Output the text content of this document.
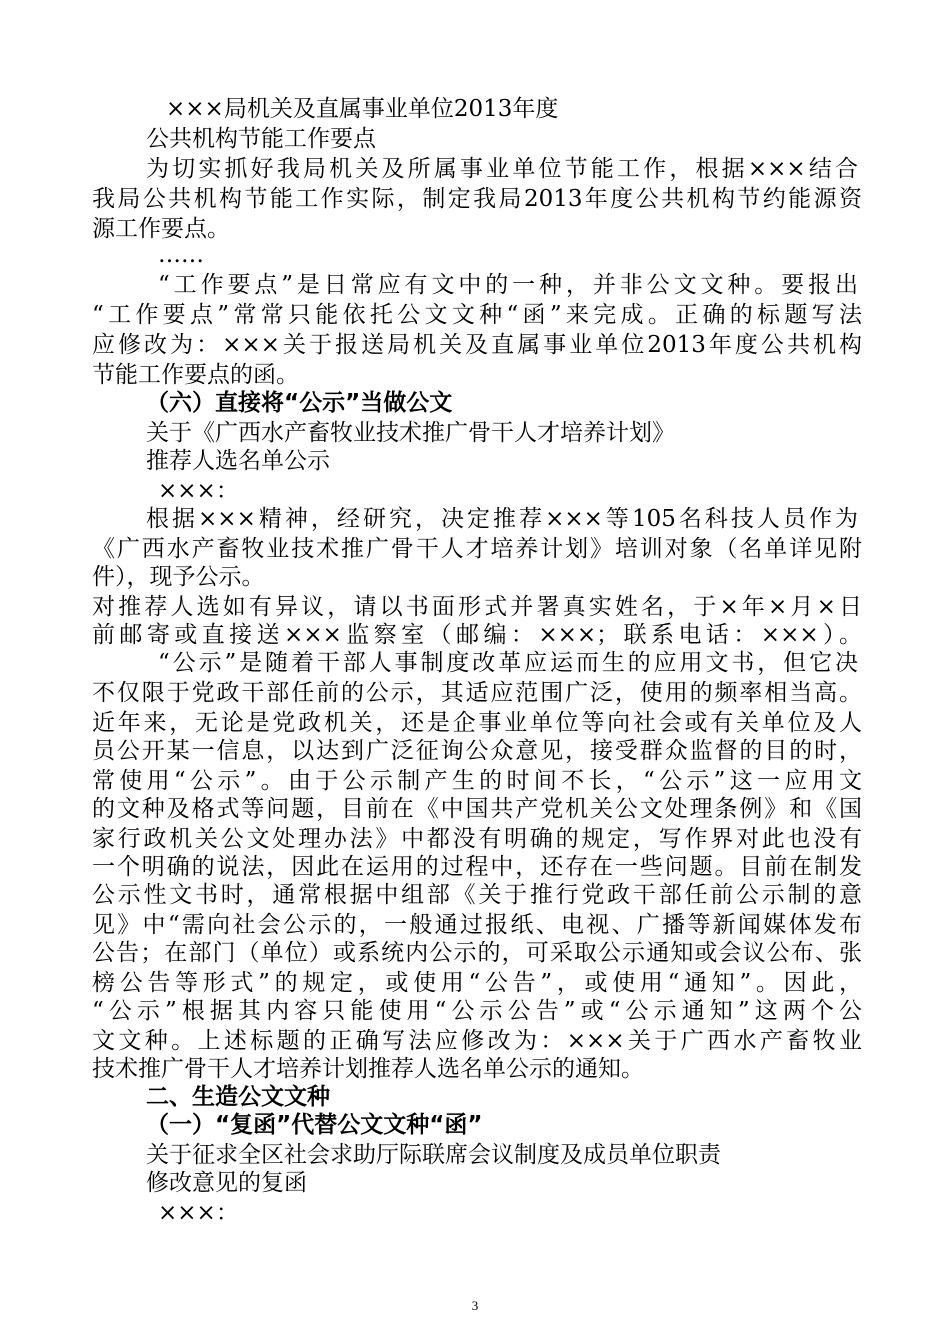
×××局机关及直属事业单位2013年度
公共机构节能工作要点
为切实抓好我局机关及所属事业单位节能工作，根据×××结合
我局公共机构节能工作实际，制定我局2013年度公共机构节约能源资
源工作要点。
……
“工作要点”是日常应有文中的一种，并非公文文种。要报出
“工作要点”常常只能依托公文文种“函”来完成。正确的标题写法
应修改为：×××关于报送局机关及直属事业单位2013年度公共机构
节能工作要点的函。
（六）直接将“公示”当做公文
关于《广西水产畜牧业技术推广骨干人才培养计划》
推荐人选名单公示
×××：
根据×××精神，经研究，决定推荐×××等105名科技人员作为
《广西水产畜牧业技术推广骨干人才培养计划》培训对象（名单详见附
件），现予公示。
对推荐人选如有异议，请以书面形式并署真实姓名，于×年×月×日
前邮寄或直接送×××监察室（邮编：×××；联系电话：×××）。
“公示”是随着干部人事制度改革应运而生的应用文书，但它决
不仅限于党政干部任前的公示，其适应范围广泛，使用的频率相当高。
近年来，无论是党政机关，还是企事业单位等向社会或有关单位及人
员公开某一信息，以达到广泛征询公众意见，接受群众监督的目的时，
常使用“公示”。由于公示制产生的时间不长，“公示”这一应用文
的文种及格式等问题，目前在《中国共产党机关公文处理条例》和《国
家行政机关公文处理办法》中都没有明确的规定，写作界对此也没有
一个明确的说法，因此在运用的过程中，还存在一些问题。目前在制发
公示性文书时，通常根据中组部《关于推行党政干部任前公示制的意
见》中“需向社会公示的，一般通过报纸、电视、广播等新闻媒体发布
公告；在部门（单位）或系统内公示的，可采取公示通知或会议公布、张
榜公告等形式”的规定，或使用“公告”，或使用“通知”。因此，
“公示”根据其内容只能使用“公示公告”或“公示通知”这两个公
文文种。上述标题的正确写法应修改为：×××关于广西水产畜牧业
技术推广骨干人才培养计划推荐人选名单公示的通知。
二、生造公文文种
（一）“复函”代替公文文种“函”
关于征求全区社会求助厅际联席会议制度及成员单位职责
修改意见的复函
×××：
3
